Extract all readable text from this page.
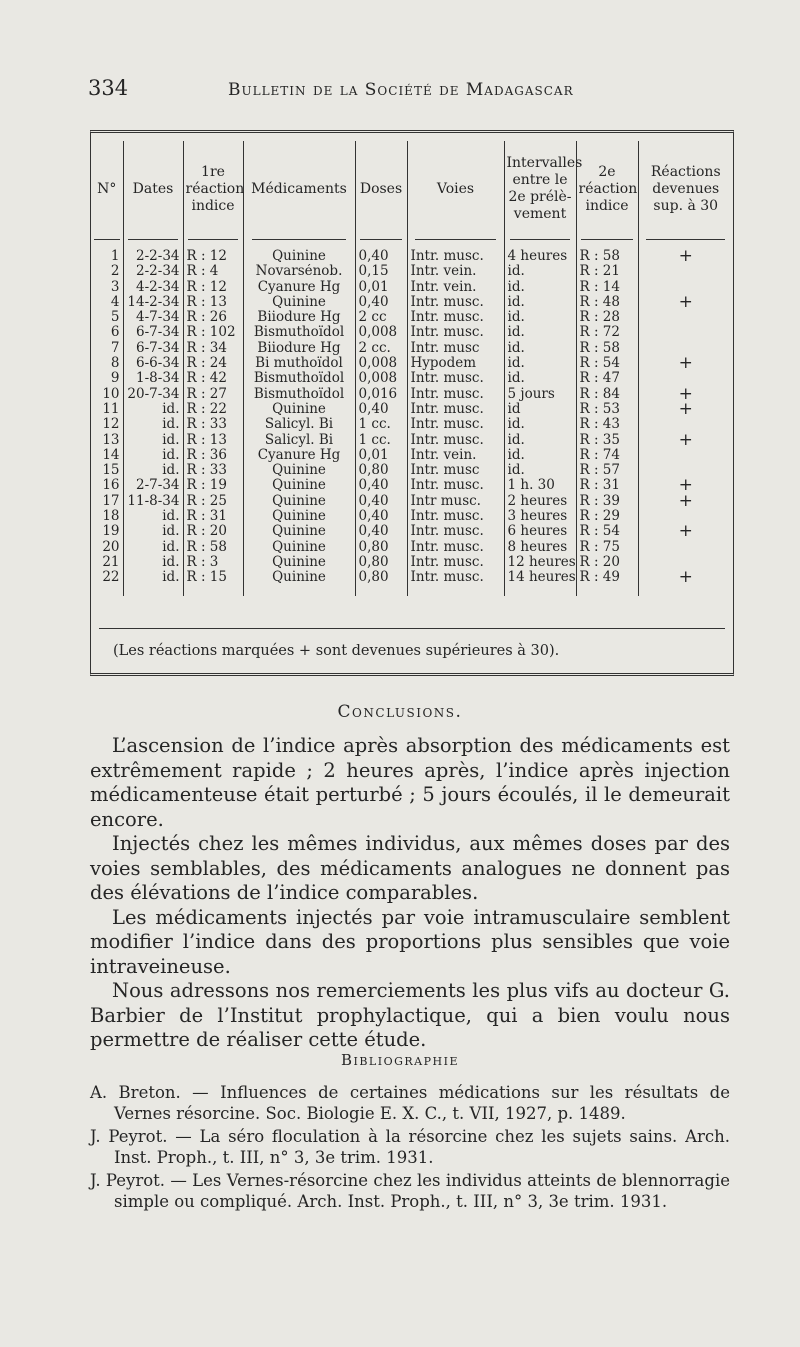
334	Bulletin de la Société de Madagascar
N°	Dates	1re réaction indice	Médicaments	Doses	Voies	Intervalles entre le 2e prélè-vement	2e réaction indice	Réactions devenues sup. à 30

1	2-2-34	R : 12	Quinine	0,40	Intr. musc.	4 heures	R : 58	+
2	2-2-34	R : 4	Novarsénob.	0,15	Intr. vein.	id.	R : 21	
3	4-2-34	R : 12	Cyanure Hg	0,01	Intr. vein.	id.	R : 14	
4	14-2-34	R : 13	Quinine	0,40	Intr. musc.	id.	R : 48	+
5	4-7-34	R : 26	Biiodure Hg	2 cc	Intr. musc.	id.	R : 28	
6	6-7-34	R : 102	Bismuthoïdol	0,008	Intr. musc.	id.	R : 72	
7	6-7-34	R : 34	Biiodure Hg	2 cc.	Intr. musc	id.	R : 58	
8	6-6-34	R : 24	Bi muthoïdol	0,008	Hypodem	id.	R : 54	+
9	1-8-34	R : 42	Bismuthoïdol	0,008	Intr. musc.	id.	R : 47	
10	20-7-34	R : 27	Bismuthoïdol	0,016	Intr. musc.	5 jours	R : 84	+
11	id.	R : 22	Quinine	0,40	Intr. musc.	id	R : 53	+
12	id.	R : 33	Salicyl. Bi	1 cc.	Intr. musc.	id.	R : 43	
13	id.	R : 13	Salicyl. Bi	1 cc.	Intr. musc.	id.	R : 35	+
14	id.	R : 36	Cyanure Hg	0,01	Intr. vein.	id.	R : 74	
15	id.	R : 33	Quinine	0,80	Intr. musc	id.	R : 57	
16	2-7-34	R : 19	Quinine	0,40	Intr. musc.	1 h. 30	R : 31	+
17	11-8-34	R : 25	Quinine	0,40	Intr musc.	2 heures	R : 39	+
18	id.	R : 31	Quinine	0,40	Intr. musc.	3 heures	R : 29	
19	id.	R : 20	Quinine	0,40	Intr. musc.	6 heures	R : 54	+
20	id.	R : 58	Quinine	0,80	Intr. musc.	8 heures	R : 75	
21	id.	R : 3	Quinine	0,80	Intr. musc.	12 heures	R : 20	
22	id.	R : 15	Quinine	0,80	Intr. musc.	14 heures	R : 49	+

(Les réactions marquées + sont devenues supérieures à 30).
Conclusions.

L’ascension de l’indice après absorption des médicaments est extrêmement rapide ; 2 heures après, l’indice après injection médicamenteuse était perturbé ; 5 jours écoulés, il le demeurait encore.

Injectés chez les mêmes individus, aux mêmes doses par des voies semblables, des médicaments analogues ne donnent pas des élévations de l’indice comparables.

Les médicaments injectés par voie intramusculaire semblent modifier l’indice dans des proportions plus sensibles que voie intraveineuse.

Nous adressons nos remerciements les plus vifs au docteur G. Barbier de l’Institut prophylactique, qui a bien voulu nous permettre de réaliser cette étude.

Bibliographie

A. Breton. — Influences de certaines médications sur les résultats de Vernes résorcine. Soc. Biologie E. X. C., t. VII, 1927, p. 1489.

J. Peyrot. — La séro floculation à la résorcine chez les sujets sains. Arch. Inst. Proph., t. III, n° 3, 3e trim. 1931.

J. Peyrot. — Les Vernes-résorcine chez les individus atteints de blennorragie simple ou compliqué. Arch. Inst. Proph., t. III, n° 3, 3e trim. 1931.
